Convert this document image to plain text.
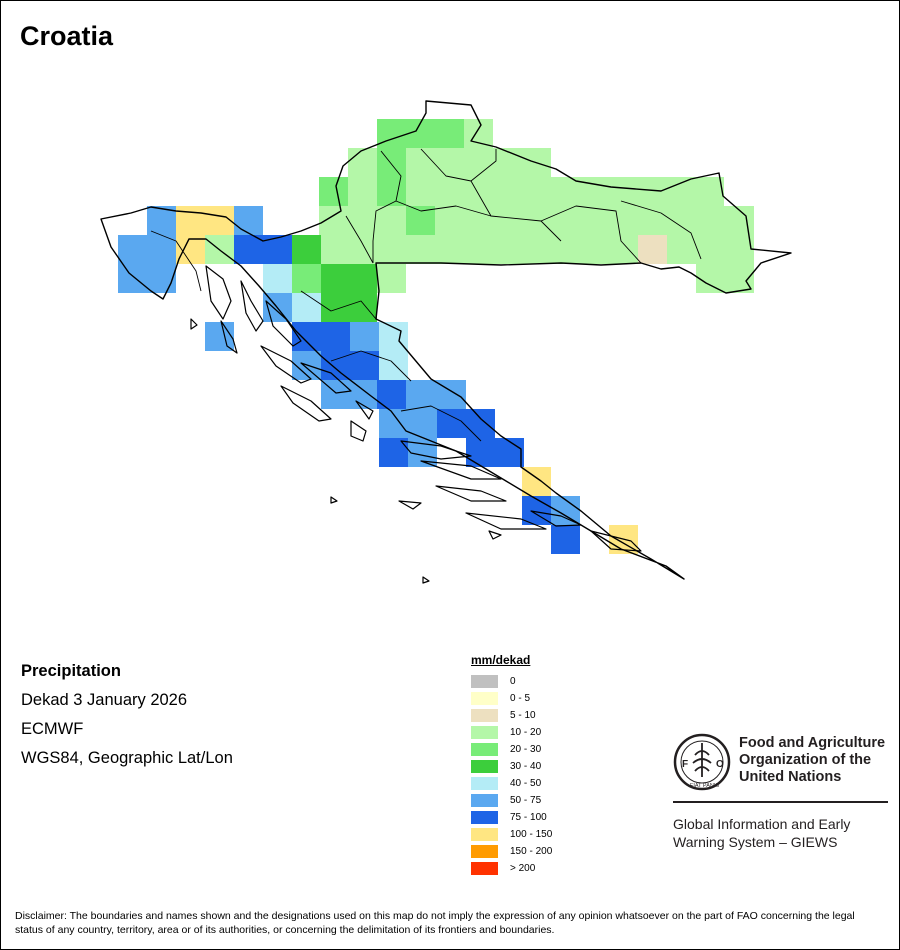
Croatia
Precipitation
Dekad 3 January 2026
ECMWF
WGS84, Geographic Lat/Lon
mm/dekad
0
0 - 5
5 - 10
10 - 20
20 - 30
30 - 40
40 - 50
50 - 75
75 - 100
100 - 150
150 - 200
> 200
F	O
FIAT PANIS
Food and Agriculture
Organization of the
United Nations
Global Information and Early
Warning System – GIEWS
Disclaimer: The boundaries and names shown and the designations used on this map do not imply the expression of any opinion whatsoever on the part of FAO concerning the legal status of any country, territory, area or of its authorities, or concerning the delimitation of its frontiers and boundaries.
